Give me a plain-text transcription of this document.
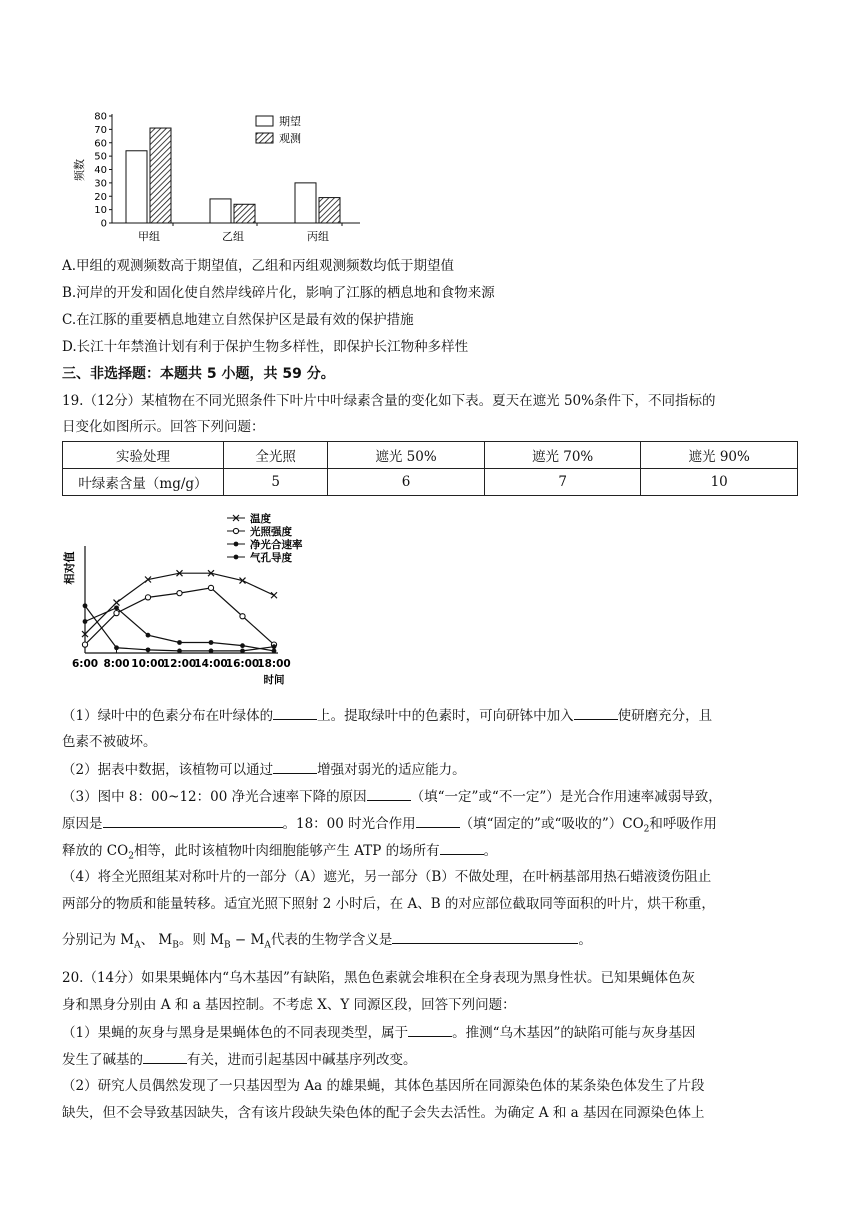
0
10
20
30
40
50
60
70
80
频数
甲组	乙组	丙组
期望
观测
A.甲组的观测频数高于期望值，乙组和丙组观测频数均低于期望值
B.河岸的开发和固化使自然岸线碎片化，影响了江豚的栖息地和食物来源
C.在江豚的重要栖息地建立自然保护区是最有效的保护措施
D.长江十年禁渔计划有利于保护生物多样性，即保护长江物种多样性
三、非选择题：本题共 5 小题，共 59 分。
19.（12分）某植物在不同光照条件下叶片中叶绿素含量的变化如下表。夏天在遮光 50%条件下，不同指标的
日变化如图所示。回答下列问题：
实验处理	全光照	遮光 50%	遮光 70%	遮光 90%
叶绿素含量（mg/g）	5	6	7	10
相对值
6:00 8:00 10:00
12:00
14:00
16:00
18:00
时间
温度
光照强度
净光合速率
气孔导度
（1）绿叶中的色素分布在叶绿体的	上。提取绿叶中的色素时，可向研钵中加入	使研磨充分，且
色素不被破坏。
（2）据表中数据，该植物可以通过	增强对弱光的适应能力。
（3）图中 8：00~12：00 净光合速率下降的原因	（填“一定”或“不一定”）是光合作用速率减弱导致，
原因是	。18：00 时光合作用	（填“固定的”或“吸收的$”)CO_2$和呼吸作用
释放的 $CO_2$相等，此时该植物叶肉细胞能够产生 ATP 的场所有	。
（4）将全光照组某对称叶片的一部分（A）遮光，另一部分（B）不做处理，在叶柄基部用热石蜡液烫伤阻止
两部分的物质和能量转移。适宜光照下照射 2 小时后，在 A、B 的对应部位截取同等面积的叶片，烘干称重，
分别记为 $M_A$、 $M_B$。则 $M_B - M_A$代表的生物学含义是	。
20.（14分）如果果蝇体内“乌木基因”有缺陷，黑色色素就会堆积在全身表现为黑身性状。已知果蝇体色灰
身和黑身分别由 A 和 a 基因控制。不考虑 X、Y 同源区段，回答下列问题：
（1）果蝇的灰身与黑身是果蝇体色的不同表现类型，属于	。推测“乌木基因”的缺陷可能与灰身基因
发生了碱基的	有关，进而引起基因中碱基序列改变。
（2）研究人员偶然发现了一只基因型为 Aa 的雄果蝇，其体色基因所在同源染色体的某条染色体发生了片段
缺失，但不会导致基因缺失，含有该片段缺失染色体的配子会失去活性。为确定 A 和 a 基因在同源染色体上
